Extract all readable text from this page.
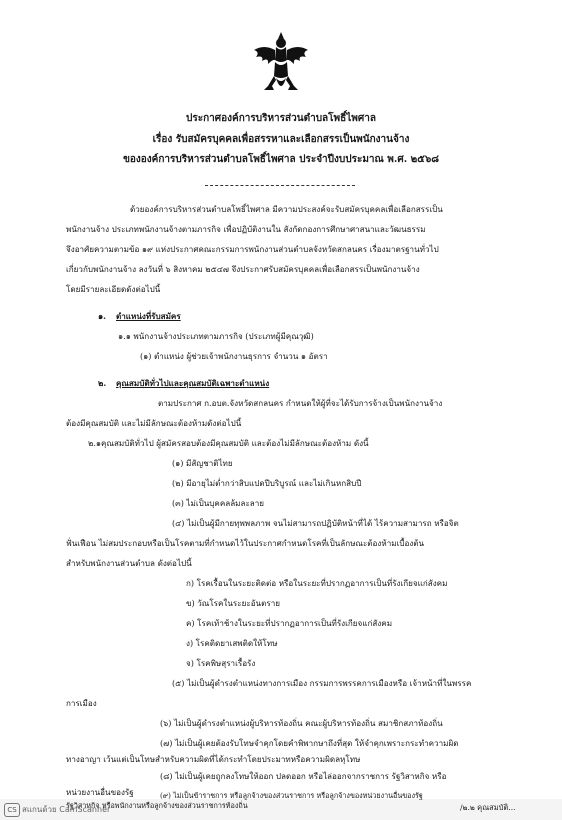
ประกาศองค์การบริหารส่วนตำบลโพธิ์ไพศาล
เรื่อง รับสมัครบุคคลเพื่อสรรหาและเลือกสรรเป็นพนักงานจ้าง
ขององค์การบริหารส่วนตำบลโพธิ์ไพศาล ประจำปีงบประมาณ พ.ศ. ๒๕๖๘
ด้วยองค์การบริหารส่วนตำบลโพธิ์ไพศาล มีความประสงค์จะรับสมัครบุคคลเพื่อเลือกสรรเป็น
พนักงานจ้าง ประเภทพนักงานจ้างตามภารกิจ เพื่อปฏิบัติงานใน สังกัดกองการศึกษาศาสนาและวัฒนธรรม
จึงอาศัยความตามข้อ ๑๙ แห่งประกาศคณะกรรมการพนักงานส่วนตำบลจังหวัดสกลนคร เรื่องมาตรฐานทั่วไป
เกี่ยวกับพนักงานจ้าง ลงวันที่ ๖ สิงหาคม ๒๕๔๗ จึงประกาศรับสมัครบุคคลเพื่อเลือกสรรเป็นพนักงานจ้าง
โดยมีรายละเอียดดังต่อไปนี้
๑. ตำแหน่งที่รับสมัคร
๑.๑ พนักงานจ้างประเภทตามภารกิจ (ประเภทผู้มีคุณวุฒิ)
(๑) ตำแหน่ง ผู้ช่วยเจ้าพนักงานธุรการ จำนวน ๑ อัตรา
๒. คุณสมบัติทั่วไปและคุณสมบัติเฉพาะตำแหน่ง
ตามประกาศ ก.อบต.จังหวัดสกลนคร กำหนดให้ผู้ที่จะได้รับการจ้างเป็นพนักงานจ้าง
ต้องมีคุณสมบัติ และไม่มีลักษณะต้องห้ามดังต่อไปนี้
๒.๑คุณสมบัติทั่วไป ผู้สมัครสอบต้องมีคุณสมบัติ และต้องไม่มีลักษณะต้องห้าม ดังนี้
(๑) มีสัญชาติไทย
(๒) มีอายุไม่ต่ำกว่าสิบแปดปีบริบูรณ์ และไม่เกินหกสิบปี
(๓) ไม่เป็นบุคคลล้มละลาย
(๔) ไม่เป็นผู้มีกายทุพพลภาพ จนไม่สามารถปฏิบัติหน้าที่ได้ ไร้ความสามารถ หรือจิต
ฟั่นเฟือน ไม่สมประกอบหรือเป็นโรคตามที่กำหนดไว้ในประกาศกำหนดโรคที่เป็นลักษณะต้องห้ามเบื้องต้น
สำหรับพนักงานส่วนตำบล ดังต่อไปนี้
ก) โรคเรื้อนในระยะติดต่อ หรือในระยะที่ปรากฏอาการเป็นที่รังเกียจแก่สังคม
ข) วัณโรคในระยะอันตราย
ค) โรคเท้าช้างในระยะที่ปรากฏอาการเป็นที่รังเกียจแก่สังคม
ง) โรคติดยาเสพติดให้โทษ
จ) โรคพิษสุราเรื้อรัง
(๕) ไม่เป็นผู้ดำรงตำแหน่งทางการเมือง กรรมการพรรคการเมืองหรือ เจ้าหน้าที่ในพรรค
การเมือง
(๖) ไม่เป็นผู้ดำรงตำแหน่งผู้บริหารท้องถิ่น คณะผู้บริหารท้องถิ่น สมาชิกสภาท้องถิ่น
(๗) ไม่เป็นผู้เคยต้องรับโทษจำคุกโดยคำพิพากษาถึงที่สุด ให้จำคุกเพราะกระทำความผิด
ทางอาญา เว้นแต่เป็นโทษสำหรับความผิดที่ได้กระทำโดยประมาทหรือความผิดลหุโทษ
(๘) ไม่เป็นผู้เคยถูกลงโทษให้ออก ปลดออก หรือไล่ออกจากราชการ รัฐวิสาหกิจ หรือ
หน่วยงานอื่นของรัฐ	(๙) ไม่เป็นข้าราชการ หรือลูกจ้างของส่วนราชการ หรือลูกจ้างของหน่วยงานอื่นของรัฐ
รัฐวิสาหกิจ หรือพนักงานหรือลูกจ้างของส่วนราชการท้องถิ่น	/๒.๒ คุณสมบัติ...
CS สแกนด้วย CamScanner
